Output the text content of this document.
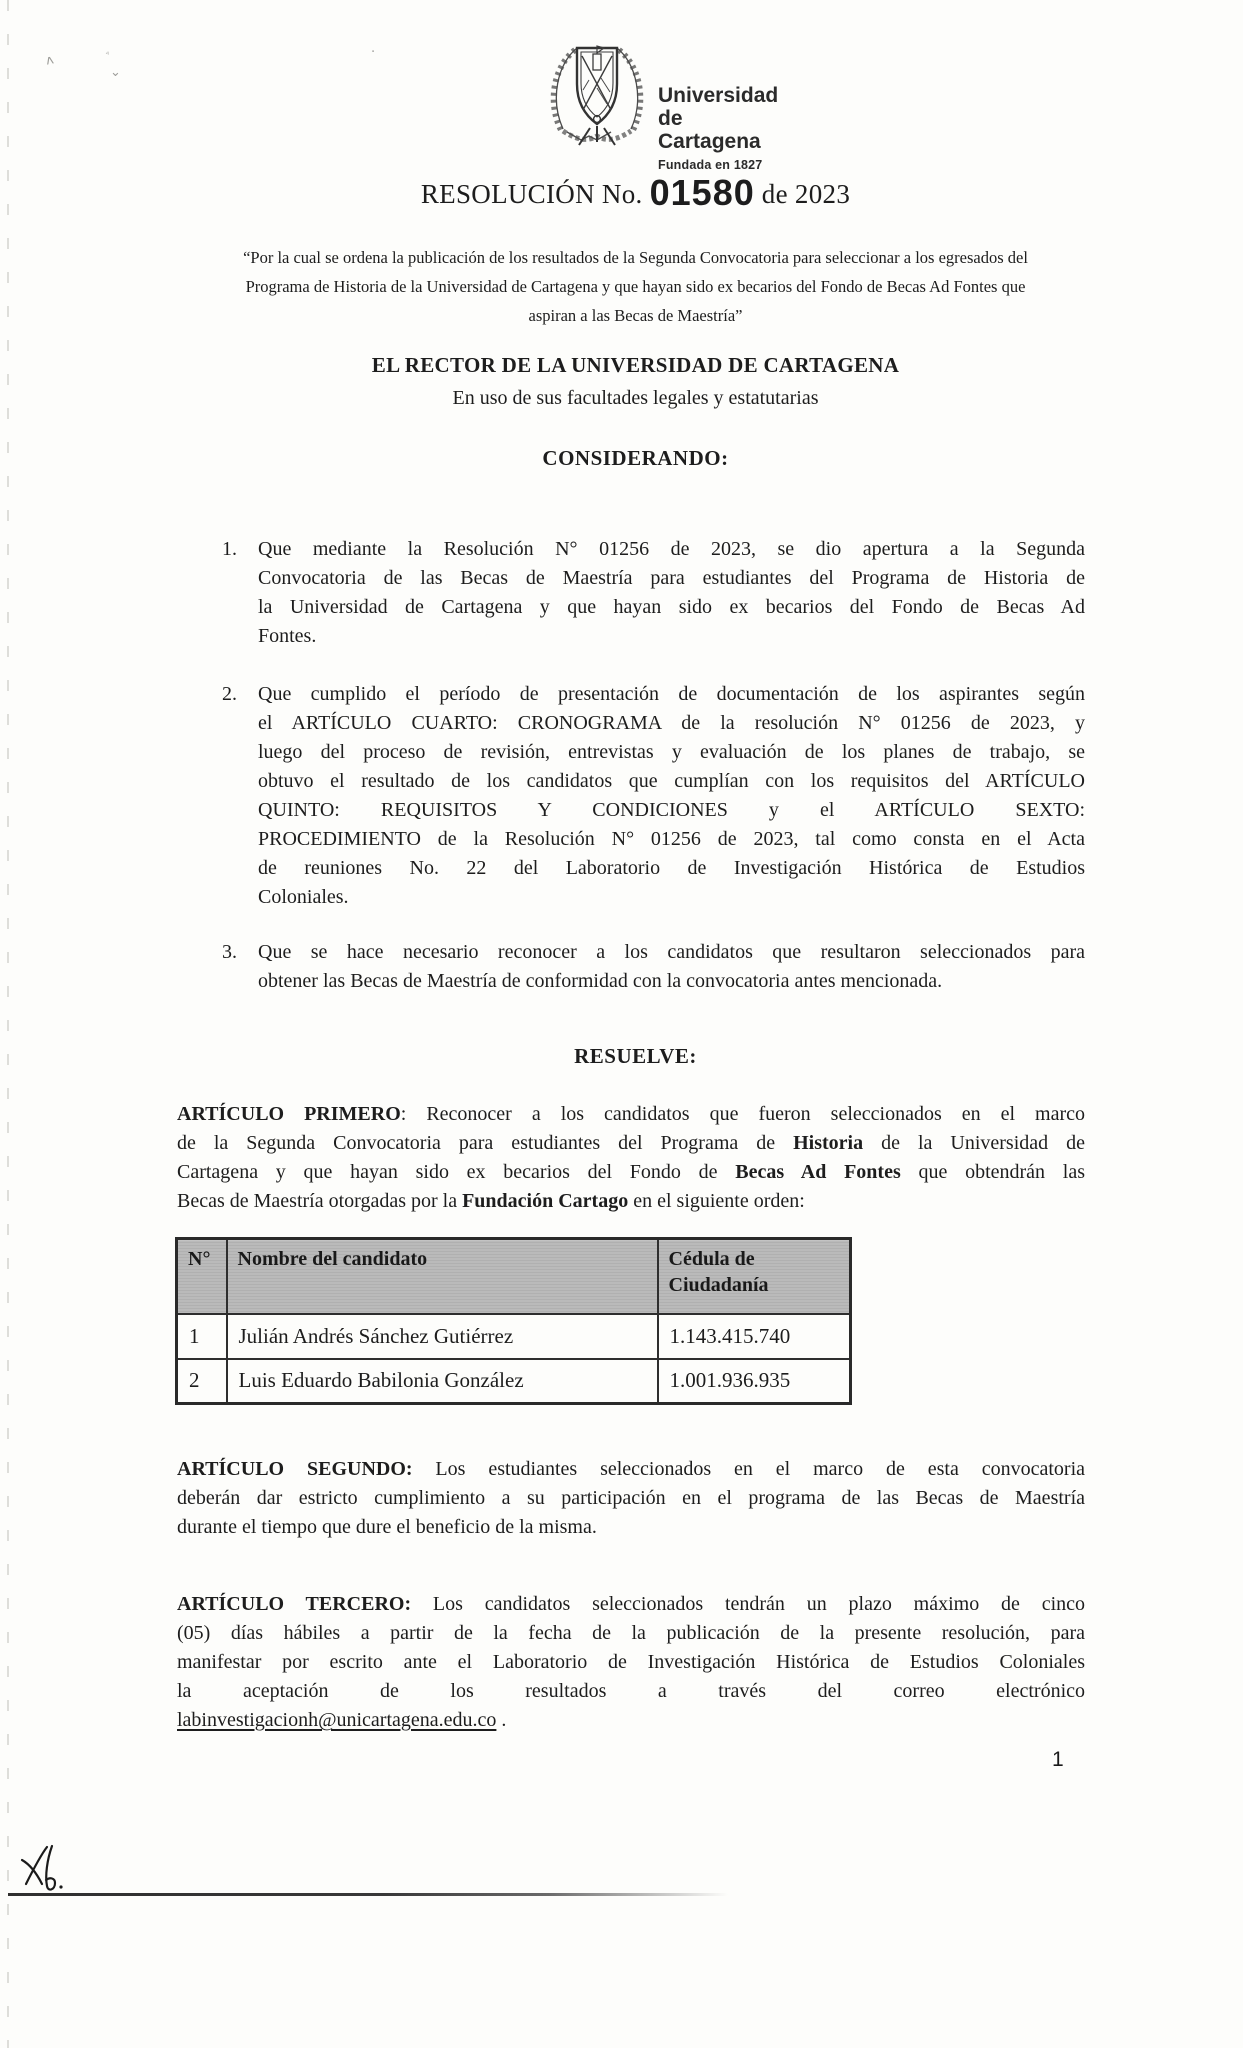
ᴧ
𝅈
⌄
·
Universidad
de Cartagena
Fundada en 1827
RESOLUCIÓN No. 01580 de 2023
“Por la cual se ordena la publicación de los resultados de la Segunda Convocatoria para seleccionar a los egresados del
Programa de Historia de la Universidad de Cartagena y que hayan sido ex becarios del Fondo de Becas Ad Fontes que
aspiran a las Becas de Maestría”
EL RECTOR DE LA UNIVERSIDAD DE CARTAGENA
En uso de sus facultades legales y estatutarias
CONSIDERANDO:
1.	Que mediante la Resolución N° 01256 de 2023, se dio apertura a la Segunda
Convocatoria de las Becas de Maestría para estudiantes del Programa de Historia de
la Universidad de Cartagena y que hayan sido ex becarios del Fondo de Becas Ad
Fontes.
2.	Que cumplido el período de presentación de documentación de los aspirantes según
el ARTÍCULO CUARTO: CRONOGRAMA de la resolución N° 01256 de 2023, y
luego del proceso de revisión, entrevistas y evaluación de los planes de trabajo, se
obtuvo el resultado de los candidatos que cumplían con los requisitos del ARTÍCULO
QUINTO: REQUISITOS Y CONDICIONES y el ARTÍCULO SEXTO:
PROCEDIMIENTO de la Resolución N° 01256 de 2023, tal como consta en el Acta
de reuniones No. 22 del Laboratorio de Investigación Histórica de Estudios
Coloniales.
3.	Que se hace necesario reconocer a los candidatos que resultaron seleccionados para
obtener las Becas de Maestría de conformidad con la convocatoria antes mencionada.
RESUELVE:
ARTÍCULO PRIMERO: Reconocer a los candidatos que fueron seleccionados en el marco
de la Segunda Convocatoria para estudiantes del Programa de Historia de la Universidad de
Cartagena y que hayan sido ex becarios del Fondo de Becas Ad Fontes que obtendrán las
Becas de Maestría otorgadas por la Fundación Cartago en el siguiente orden:
N°	Nombre del candidato	Cédula de Ciudadanía
1	Julián Andrés Sánchez Gutiérrez	1.143.415.740
2	Luis Eduardo Babilonia González	1.001.936.935
ARTÍCULO SEGUNDO: Los estudiantes seleccionados en el marco de esta convocatoria
deberán dar estricto cumplimiento a su participación en el programa de las Becas de Maestría
durante el tiempo que dure el beneficio de la misma.
ARTÍCULO TERCERO: Los candidatos seleccionados tendrán un plazo máximo de cinco
(05) días hábiles a partir de la fecha de la publicación de la presente resolución, para
manifestar por escrito ante el Laboratorio de Investigación Histórica de Estudios Coloniales
la aceptación de los resultados a través del correo electrónico
labinvestigacionh@unicartagena.edu.co .
1
